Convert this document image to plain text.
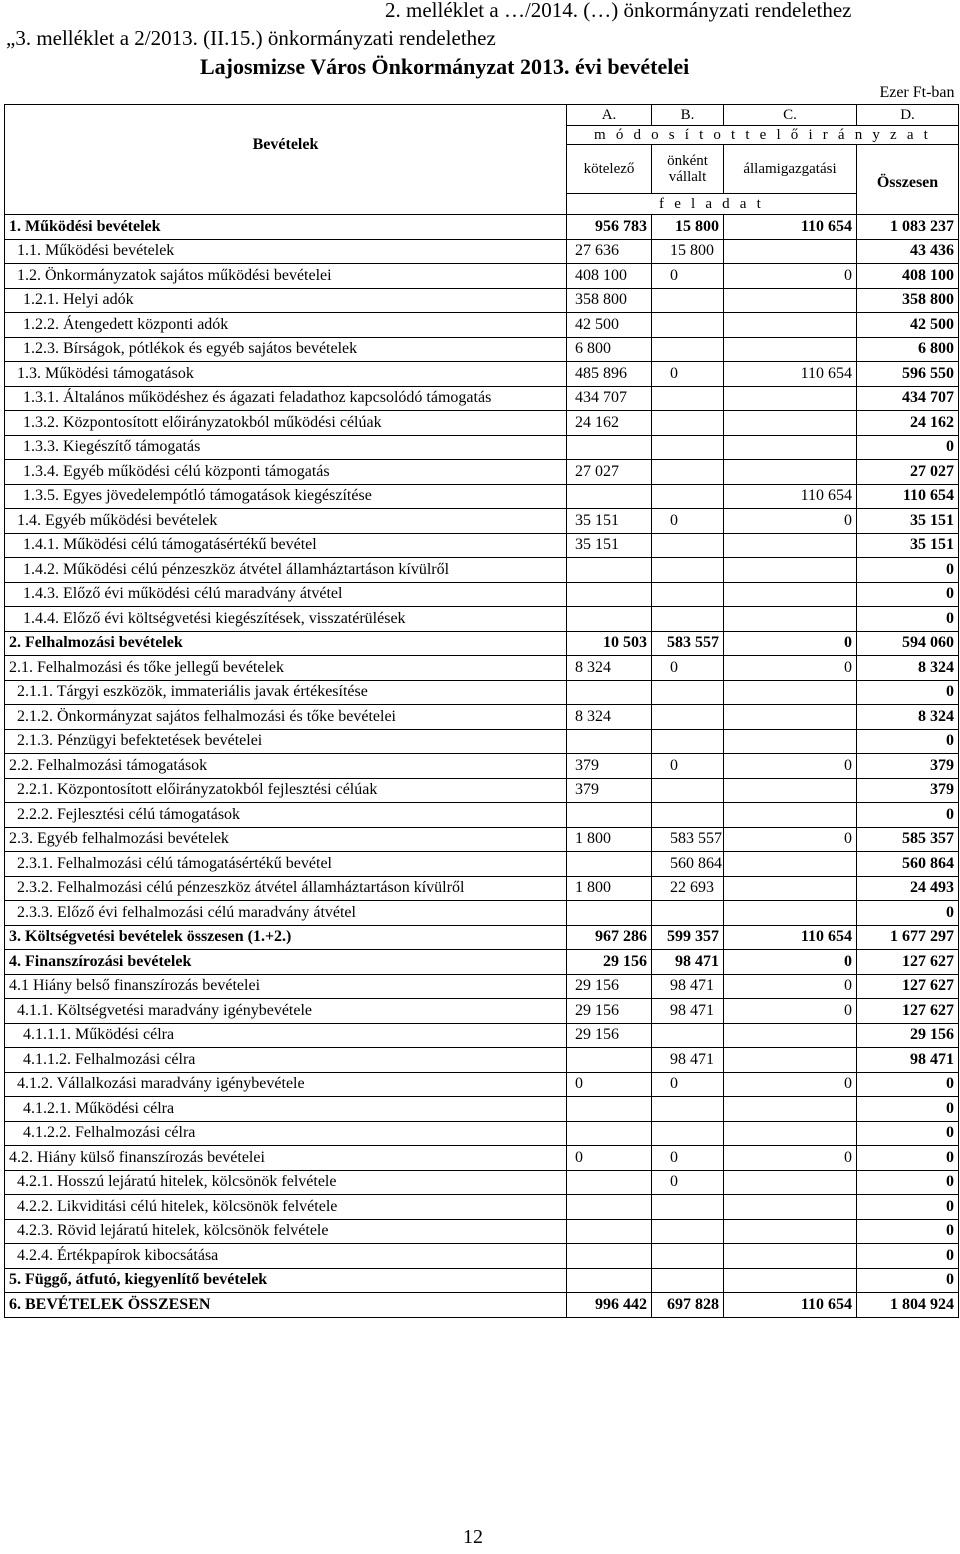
2. melléklet a …/2014. (…) önkormányzati rendelethez
„3. melléklet a 2/2013. (II.15.) önkormányzati rendelethez
Lajosmizse Város Önkormányzat 2013. évi bevételei
Ezer Ft-ban				
Bevételek	A.	B.	C.	D.
	m ó d o s í t o t t e l ő i r á n y z a t			
	kötelező	önként vállalt	államigazgatási	Összesen
	f e l a d a t			
1. Működési bevételek	956 783	15 800	110 654	1 083 237
1.1. Működési bevételek	27 636	15 800		43 436
1.2. Önkormányzatok sajátos működési bevételei	408 100	0	0	408 100
1.2.1. Helyi adók	358 800			358 800
1.2.2. Átengedett központi adók	42 500			42 500
1.2.3. Bírságok, pótlékok és egyéb sajátos bevételek	6 800			6 800
1.3. Működési támogatások	485 896	0	110 654	596 550
1.3.1. Általános működéshez és ágazati feladathoz kapcsolódó támogatás	434 707			434 707
1.3.2. Központosított előirányzatokból működési célúak	24 162			24 162
1.3.3. Kiegészítő támogatás				0
1.3.4. Egyéb működési célú központi támogatás	27 027			27 027
1.3.5. Egyes jövedelempótló támogatások kiegészítése			110 654	110 654
1.4. Egyéb működési bevételek	35 151	0	0	35 151
1.4.1. Működési célú támogatásértékű bevétel	35 151			35 151
1.4.2. Működési célú pénzeszköz átvétel államháztartáson kívülről				0
1.4.3. Előző évi működési célú maradvány átvétel				0
1.4.4. Előző évi költségvetési kiegészítések, visszatérülések				0
2. Felhalmozási bevételek	10 503	583 557	0	594 060
2.1. Felhalmozási és tőke jellegű bevételek	8 324	0	0	8 324
2.1.1. Tárgyi eszközök, immateriális javak értékesítése				0
2.1.2. Önkormányzat sajátos felhalmozási és tőke bevételei	8 324			8 324
2.1.3. Pénzügyi befektetések bevételei				0
2.2. Felhalmozási támogatások	379	0	0	379
2.2.1. Központosított előirányzatokból fejlesztési célúak	379			379
2.2.2. Fejlesztési célú támogatások				0
2.3. Egyéb felhalmozási bevételek	1 800	583 557	0	585 357
2.3.1. Felhalmozási célú támogatásértékű bevétel		560 864		560 864
2.3.2. Felhalmozási célú pénzeszköz átvétel államháztartáson kívülről	1 800	22 693		24 493
2.3.3. Előző évi felhalmozási célú maradvány átvétel				0
3. Költségvetési bevételek összesen (1.+2.)	967 286	599 357	110 654	1 677 297
4. Finanszírozási bevételek	29 156	98 471	0	127 627
4.1 Hiány belső finanszírozás bevételei	29 156	98 471	0	127 627
4.1.1. Költségvetési maradvány igénybevétele	29 156	98 471	0	127 627
4.1.1.1. Működési célra	29 156			29 156
4.1.1.2. Felhalmozási célra		98 471		98 471
4.1.2. Vállalkozási maradvány igénybevétele	0	0	0	0
4.1.2.1. Működési célra				0
4.1.2.2. Felhalmozási célra				0
4.2. Hiány külső finanszírozás bevételei	0	0	0	0
4.2.1. Hosszú lejáratú hitelek, kölcsönök felvétele		0		0
4.2.2. Likviditási célú hitelek, kölcsönök felvétele				0
4.2.3. Rövid lejáratú hitelek, kölcsönök felvétele				0
4.2.4. Értékpapírok kibocsátása				0
5. Függő, átfutó, kiegyenlítő bevételek				0
6. BEVÉTELEK ÖSSZESEN	996 442	697 828	110 654	1 804 924
12
